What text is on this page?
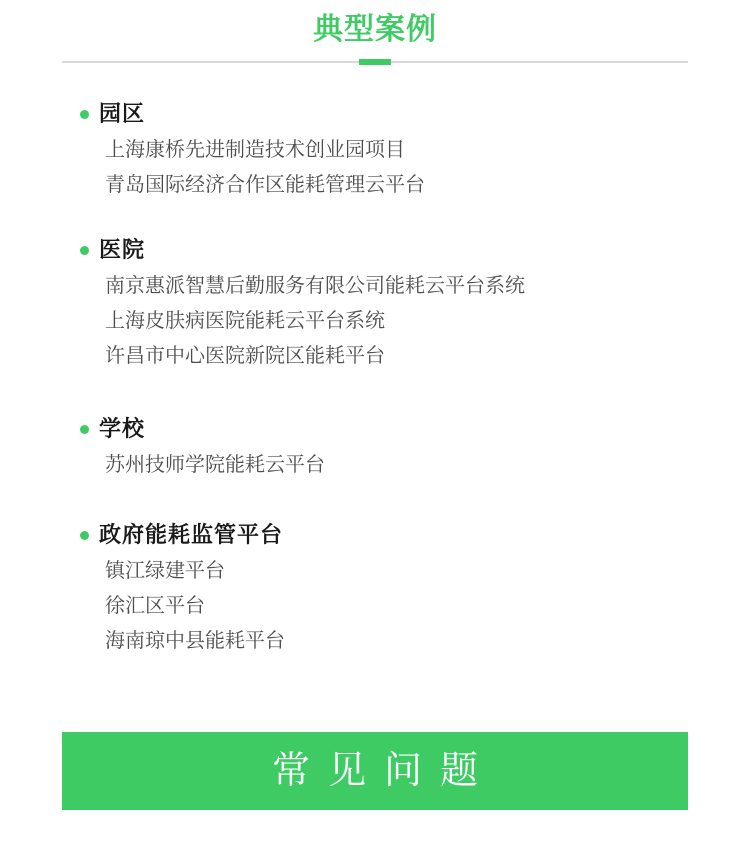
典型案例
园区
上海康桥先进制造技术创业园项目
青岛国际经济合作区能耗管理云平台
医院
南京惠派智慧后勤服务有限公司能耗云平台系统
上海皮肤病医院能耗云平台系统
许昌市中心医院新院区能耗平台
学校
苏州技师学院能耗云平台
政府能耗监管平台
镇江绿建平台
徐汇区平台
海南琼中县能耗平台
常见问题
